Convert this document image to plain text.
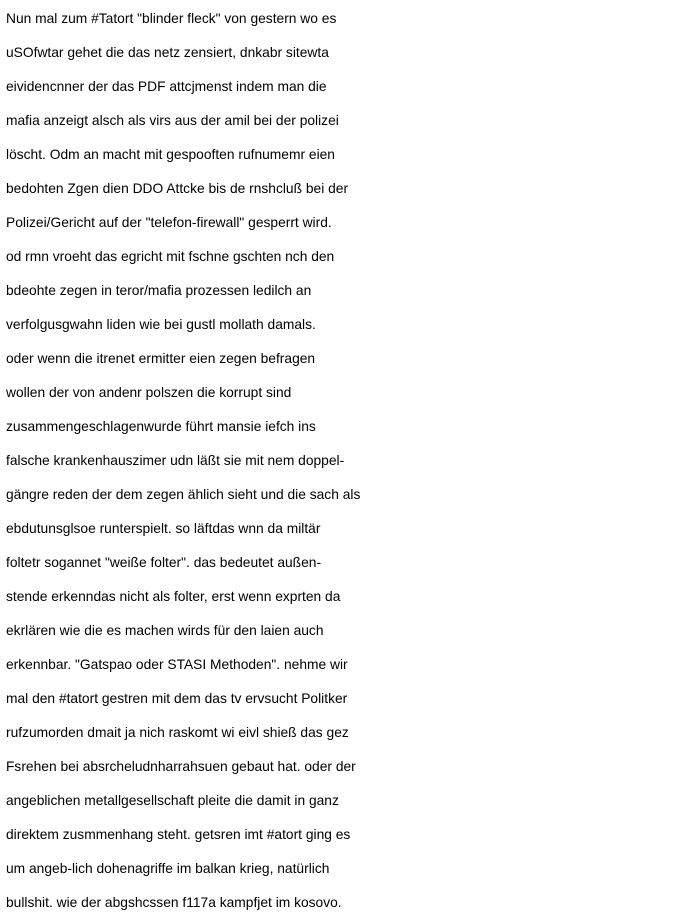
Nun mal zum #Tatort "blinder fleck" von gestern wo es
uSOfwtar gehet die das netz zensiert, dnkabr sitewta
eividencnner der das PDF attcjmenst indem man die
mafia anzeigt alsch als virs aus der amil bei der polizei
löscht. Odm an macht mit gespooften rufnumemr eien
bedohten Zgen dien DDO Attcke bis de rnshcluß bei der
Polizei/Gericht auf der "telefon-firewall" gesperrt wird.
od rmn vroeht das egricht mit fschne gschten nch den
bdeohte zegen in teror/mafia prozessen ledilch an
verfolgusgwahn liden wie bei gustl mollath damals.
oder wenn die itrenet ermitter eien zegen befragen
wollen der von andenr polszen die korrupt sind
zusammengeschlagenwurde führt mansie iefch ins
falsche krankenhauszimer udn läßt sie mit nem doppel-
gängre reden der dem zegen ählich sieht und die sach als
ebdutunsglsoe runterspielt. so läftdas wnn da miltär
foltetr sogannet "weiße folter". das bedeutet außen-
stende erkenndas nicht als folter, erst wenn exprten da
ekrlären wie die es machen wirds für den laien auch
erkennbar. "Gatspao oder STASI Methoden". nehme wir
mal den #tatort gestren mit dem das tv ervsucht Politker
rufzumorden dmait ja nich raskomt wi eivl shieß das gez
Fsrehen bei absrcheludnharrahsuen gebaut hat. oder der
angeblichen metallgesellschaft pleite die damit in ganz
direktem zusmmenhang steht. getsren imt #atort ging es
um angeb-lich dohenagriffe im balkan krieg, natürlich
bullshit. wie der abgshcssen f117a kampfjet im kosovo.
